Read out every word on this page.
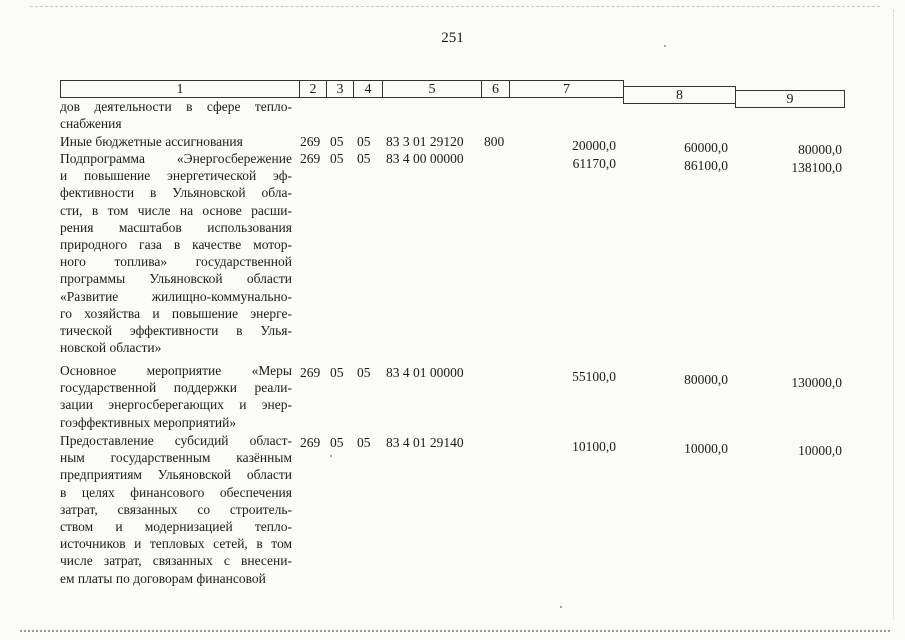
251
1	2	3	4	5	6	7	8	9
дов деятельности в сфере тепло-
снабжения
Иные бюджетные ассигнования	269 05 05 83 3 01 29120 800	20000,0	60000,0	80000,0
Подпрограмма «Энергосбережение
и повышение энергетической эф-
фективности в Ульяновской обла-
сти, в том числе на основе расши-
рения масштабов использования
природного газа в качестве мотор-
ного топлива» государственной
программы Ульяновской области
«Развитие жилищно-коммунально-
го хозяйства и повышение энерге-
тической эффективности в Улья-
новской области»
269 05 05 83 4 00 00000	61170,0	86100,0	138100,0
Основное мероприятие «Меры
государственной поддержки реали-
зации энергосберегающих и энер-
гоэффективных мероприятий»
269 05 05 83 4 01 00000	55100,0	80000,0	130000,0
Предоставление субсидий област-
ным государственным казённым
предприятиям Ульяновской области
в целях финансового обеспечения
затрат, связанных со строитель-
ством и модернизацией тепло-
источников и тепловых сетей, в том
числе затрат, связанных с внесени-
ем платы по договорам финансовой
269 05 05 83 4 01 29140	10100,0	10000,0	10000,0
